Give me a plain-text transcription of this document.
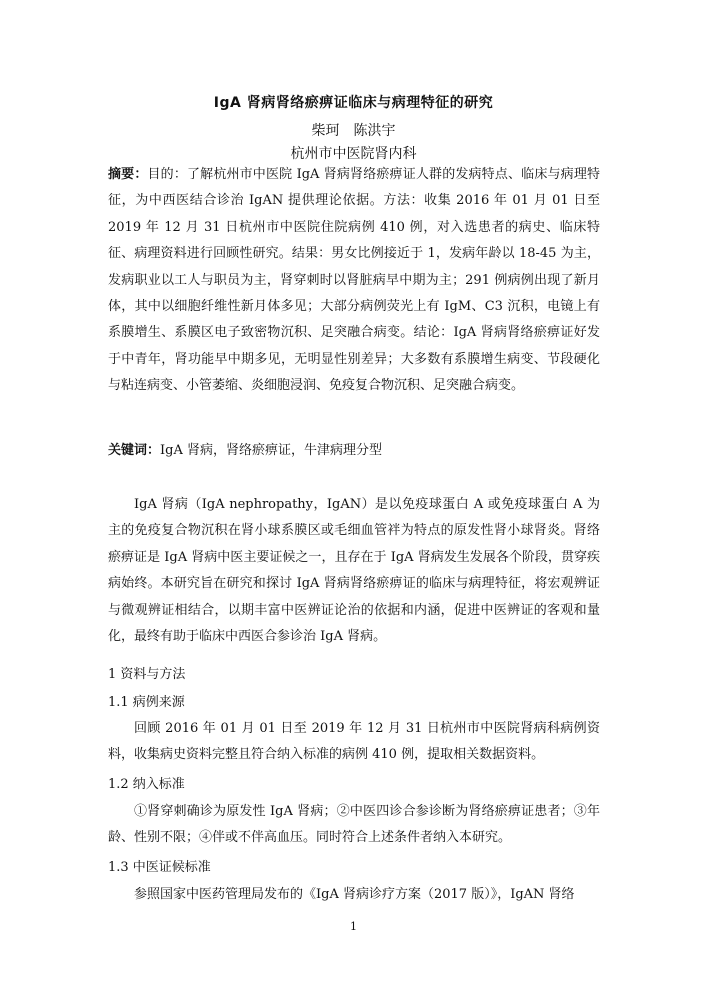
IgA 肾病肾络瘀痹证临床与病理特征的研究
柴珂　陈洪宇
杭州市中医院肾内科
摘要：目的：了解杭州市中医院 IgA 肾病肾络瘀痹证人群的发病特点、临床与病理特征，为中西医结合诊治 IgAN 提供理论依据。方法：收集 2016 年 01 月 01 日至 2019 年 12 月 31 日杭州市中医院住院病例 410 例，对入选患者的病史、临床特征、病理资料进行回顾性研究。结果：男女比例接近于 1，发病年龄以 18-45 为主，发病职业以工人与职员为主，肾穿刺时以肾脏病早中期为主；291 例病例出现了新月体，其中以细胞纤维性新月体多见；大部分病例荧光上有 IgM、C3 沉积，电镜上有系膜增生、系膜区电子致密物沉积、足突融合病变。结论：IgA 肾病肾络瘀痹证好发于中青年，肾功能早中期多见，无明显性别差异；大多数有系膜增生病变、节段硬化与粘连病变、小管萎缩、炎细胞浸润、免疫复合物沉积、足突融合病变。
关键词：IgA 肾病，肾络瘀痹证，牛津病理分型
IgA 肾病（IgA nephropathy，IgAN）是以免疫球蛋白 A 或免疫球蛋白 A 为主的免疫复合物沉积在肾小球系膜区或毛细血管袢为特点的原发性肾小球肾炎。肾络瘀痹证是 IgA 肾病中医主要证候之一，且存在于 IgA 肾病发生发展各个阶段，贯穿疾病始终。本研究旨在研究和探讨 IgA 肾病肾络瘀痹证的临床与病理特征，将宏观辨证与微观辨证相结合，以期丰富中医辨证论治的依据和内涵，促进中医辨证的客观和量化，最终有助于临床中西医合参诊治 IgA 肾病。
1 资料与方法
1.1 病例来源
回顾 2016 年 01 月 01 日至 2019 年 12 月 31 日杭州市中医院肾病科病例资料，收集病史资料完整且符合纳入标准的病例 410 例，提取相关数据资料。
1.2 纳入标准
①肾穿刺确诊为原发性 IgA 肾病；②中医四诊合参诊断为肾络瘀痹证患者；③年龄、性别不限；④伴或不伴高血压。同时符合上述条件者纳入本研究。
1.3 中医证候标准
参照国家中医药管理局发布的《IgA 肾病诊疗方案（2017 版）》，IgAN 肾络
1
